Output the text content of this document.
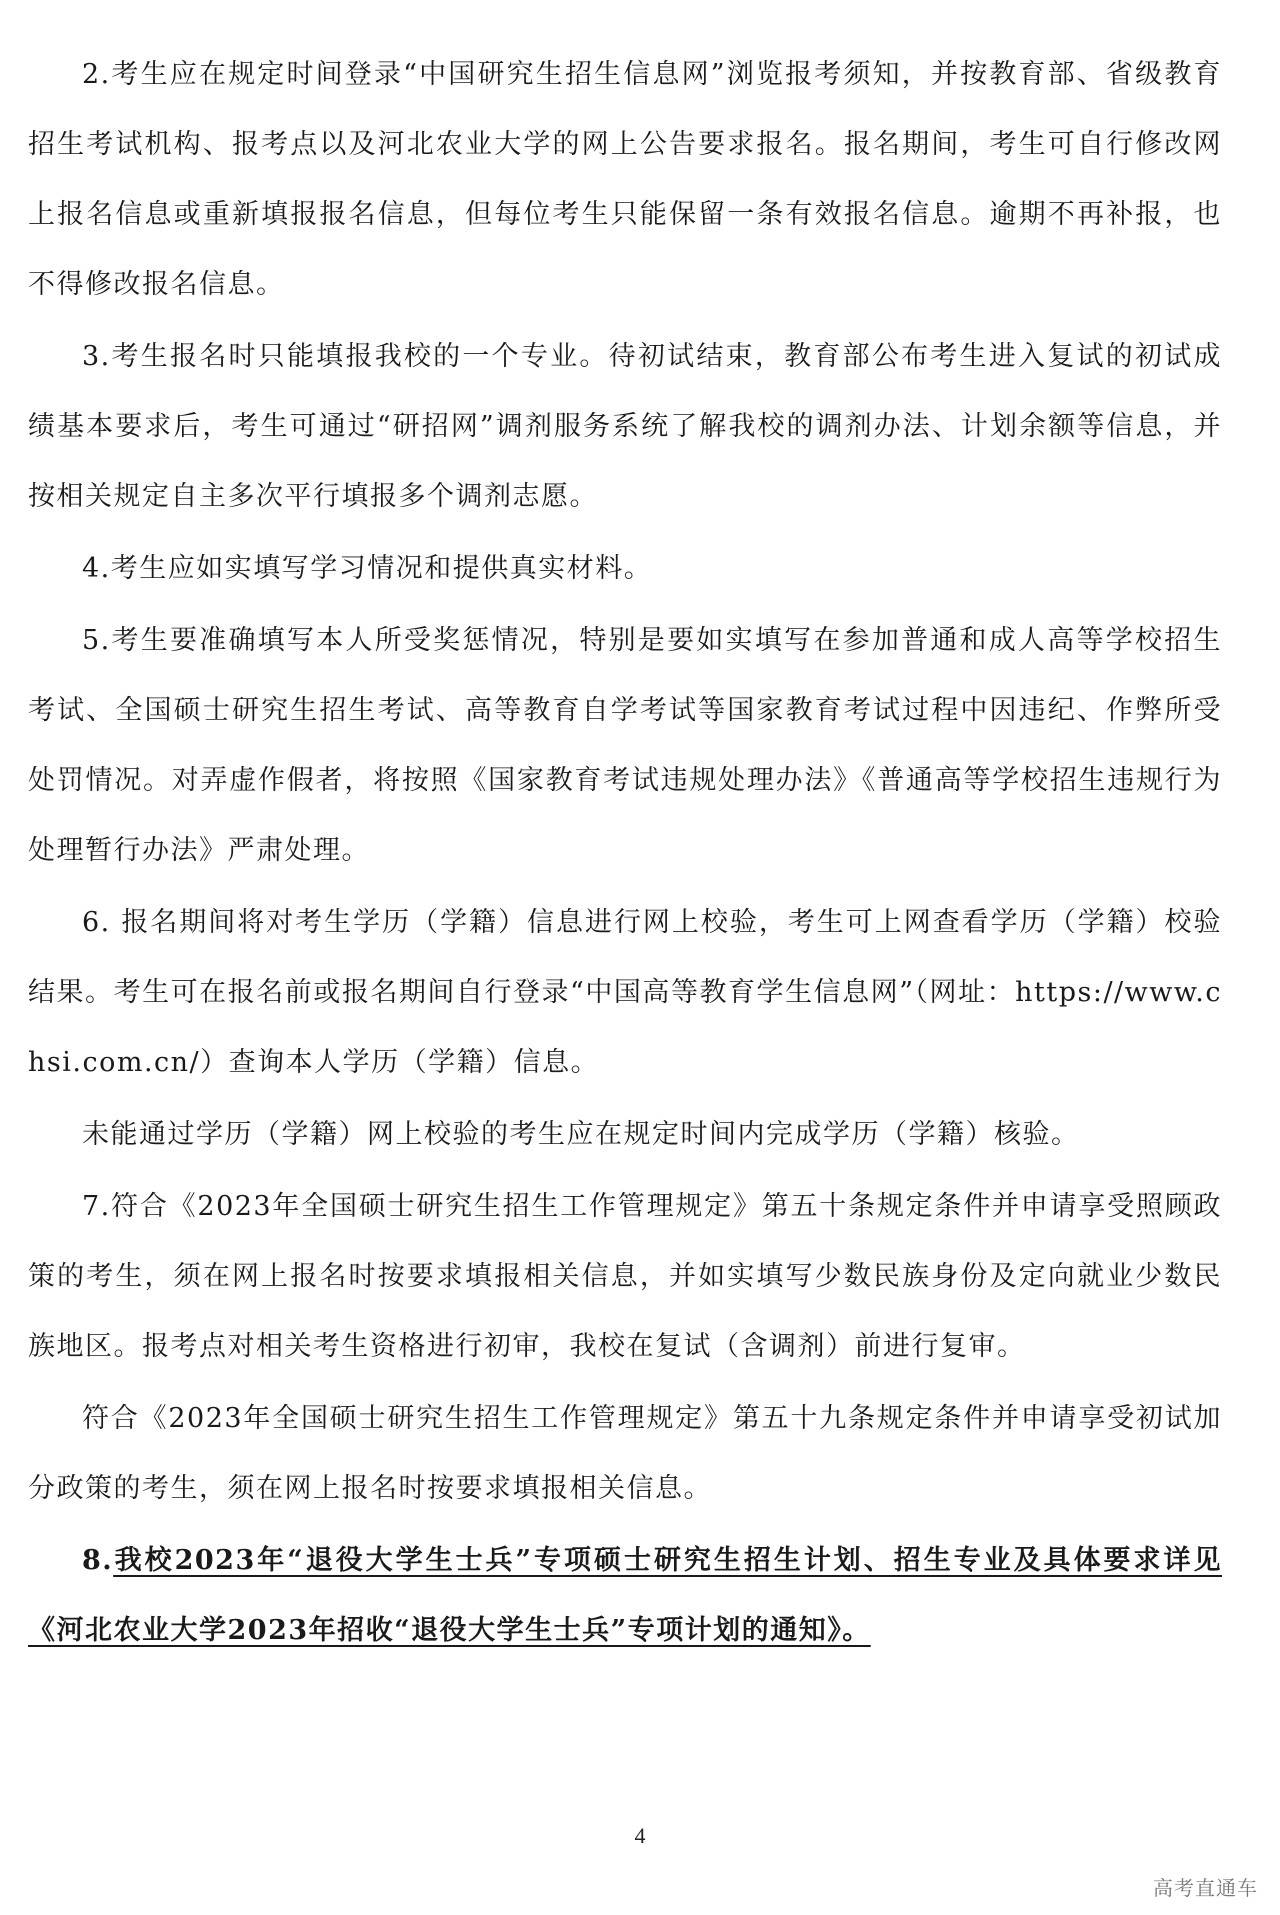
2.考生应在规定时间登录“中国研究生招生信息网”浏览报考须知，并按教育部、省级教育招生考试机构、报考点以及河北农业大学的网上公告要求报名。报名期间，考生可自行修改网上报名信息或重新填报报名信息，但每位考生只能保留一条有效报名信息。逾期不再补报，也不得修改报名信息。

3.考生报名时只能填报我校的一个专业。待初试结束，教育部公布考生进入复试的初试成绩基本要求后，考生可通过“研招网”调剂服务系统了解我校的调剂办法、计划余额等信息，并按相关规定自主多次平行填报多个调剂志愿。

4.考生应如实填写学习情况和提供真实材料。

5.考生要准确填写本人所受奖惩情况，特别是要如实填写在参加普通和成人高等学校招生考试、全国硕士研究生招生考试、高等教育自学考试等国家教育考试过程中因违纪、作弊所受处罚情况。对弄虚作假者，将按照《国家教育考试违规处理办法》《普通高等学校招生违规行为处理暂行办法》严肃处理。

6. 报名期间将对考生学历（学籍）信息进行网上校验，考生可上网查看学历（学籍）校验结果。考生可在报名前或报名期间自行登录“中国高等教育学生信息网”（网址：https://www.chsi.com.cn/）查询本人学历（学籍）信息。

未能通过学历（学籍）网上校验的考生应在规定时间内完成学历（学籍）核验。

7.符合《2023年全国硕士研究生招生工作管理规定》第五十条规定条件并申请享受照顾政策的考生，须在网上报名时按要求填报相关信息，并如实填写少数民族身份及定向就业少数民族地区。报考点对相关考生资格进行初审，我校在复试（含调剂）前进行复审。

符合《2023年全国硕士研究生招生工作管理规定》第五十九条规定条件并申请享受初试加分政策的考生，须在网上报名时按要求填报相关信息。

8.我校2023年“退役大学生士兵”专项硕士研究生招生计划、招生专业及具体要求详见《河北农业大学2023年招收“退役大学生士兵”专项计划的通知》。

4
高考直通车
